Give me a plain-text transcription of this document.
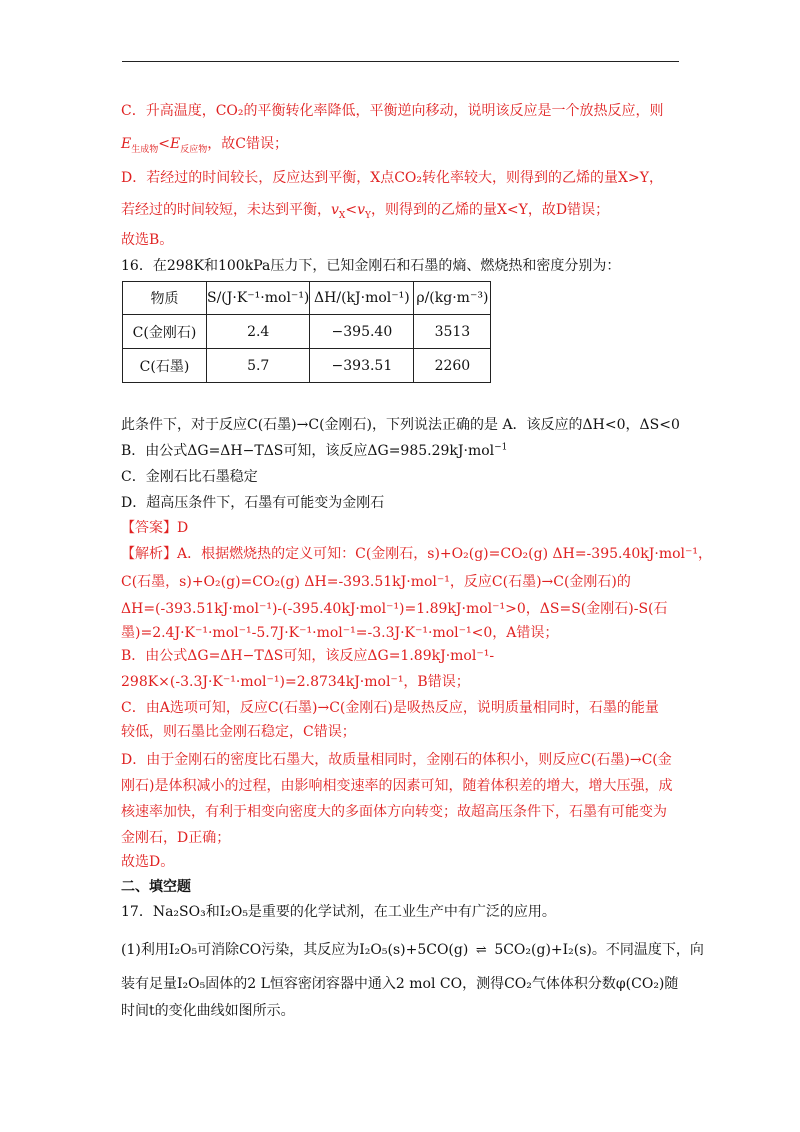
C．升高温度，CO₂的平衡转化率降低，平衡逆向移动，说明该反应是一个放热反应，则
$E_{生成物}<E_{反应物}$，故C错误；
D．若经过的时间较长，反应达到平衡，X点CO₂转化率较大，则得到的乙烯的量X>Y，
若经过的时间较短，未达到平衡，$v_X<v_Y$，则得到的乙烯的量X<Y，故D错误；
故选B。
16．在298K和100kPa压力下，已知金刚石和石墨的熵、燃烧热和密度分别为：
物质	S/(J·K⁻¹·mol⁻¹)	ΔH/(kJ·mol⁻¹)	ρ/(kg·m⁻³)
C(金刚石)	2.4	−395.40	3513
C(石墨)	5.7	−393.51	2260
此条件下，对于反应C(石墨)→C(金刚石)，下列说法正确的是 A．该反应的ΔH<0，ΔS<0
B．由公式ΔG=ΔH−TΔS可知，该反应ΔG=985.29kJ·mol$^{-1}$
C．金刚石比石墨稳定
D．超高压条件下，石墨有可能变为金刚石
【答案】D
【解析】A．根据燃烧热的定义可知：C(金刚石，s)+O₂(g)=CO₂(g) ΔH=-395.40kJ·mol⁻¹，
C(石墨，s)+O₂(g)=CO₂(g) ΔH=-393.51kJ·mol⁻¹，反应C(石墨)→C(金刚石)的
ΔH=(-393.51kJ·mol⁻¹)-(-395.40kJ·mol⁻¹)=1.89kJ·mol⁻¹>0，ΔS=S(金刚石)-S(石
墨)=2.4J·K⁻¹·mol⁻¹-5.7J·K⁻¹·mol⁻¹=-3.3J·K⁻¹·mol⁻¹<0，A错误；
B．由公式ΔG=ΔH−TΔS可知，该反应ΔG=1.89kJ·mol⁻¹-
298K×(-3.3J·K⁻¹·mol⁻¹)=2.8734kJ·mol⁻¹，B错误；
C．由A选项可知，反应C(石墨)→C(金刚石)是吸热反应，说明质量相同时，石墨的能量
较低，则石墨比金刚石稳定，C错误；
D．由于金刚石的密度比石墨大，故质量相同时，金刚石的体积小，则反应C(石墨)→C(金
刚石)是体积减小的过程，由影响相变速率的因素可知，随着体积差的增大，增大压强，成
核速率加快，有利于相变向密度大的多面体方向转变；故超高压条件下，石墨有可能变为
金刚石，D正确；
故选D。
二、填空题
17．Na₂SO₃和I₂O₅是重要的化学试剂，在工业生产中有广泛的应用。
(1)利用I₂O₅可消除CO污染，其反应为I₂O₅(s)+5CO(g) ⇌ 5CO₂(g)+I₂(s)。不同温度下，向
装有足量I₂O₅固体的2 L恒容密闭容器中通入2 mol CO，测得CO₂气体体积分数φ(CO₂)随
时间t的变化曲线如图所示。
